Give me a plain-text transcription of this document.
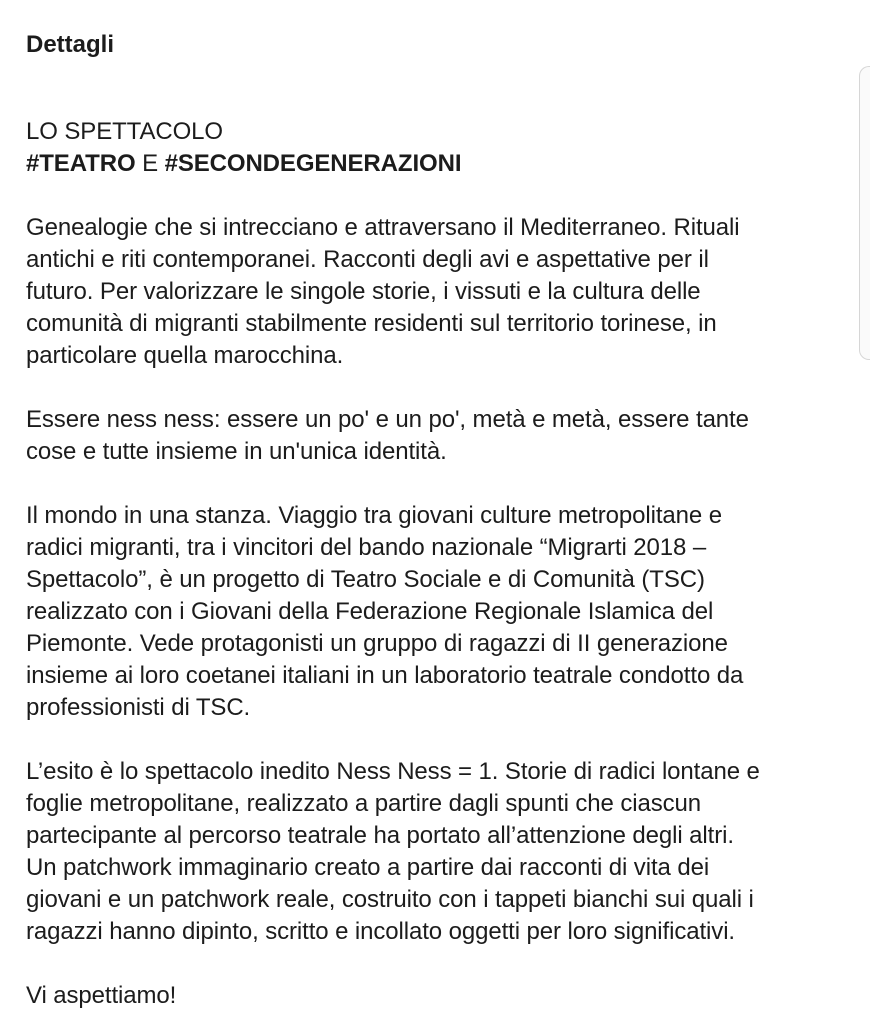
Dettagli
LO SPETTACOLO
#TEATRO E #SECONDEGENERAZIONI
Genealogie che si intrecciano e attraversano il Mediterraneo. Rituali
antichi e riti contemporanei. Racconti degli avi e aspettative per il
futuro. Per valorizzare le singole storie, i vissuti e la cultura delle
comunità di migranti stabilmente residenti sul territorio torinese, in
particolare quella marocchina.
Essere ness ness: essere un po' e un po', metà e metà, essere tante
cose e tutte insieme in un'unica identità.
Il mondo in una stanza. Viaggio tra giovani culture metropolitane e
radici migranti, tra i vincitori del bando nazionale “Migrarti 2018 –
Spettacolo”, è un progetto di Teatro Sociale e di Comunità (TSC)
realizzato con i Giovani della Federazione Regionale Islamica del
Piemonte. Vede protagonisti un gruppo di ragazzi di II generazione
insieme ai loro coetanei italiani in un laboratorio teatrale condotto da
professionisti di TSC.
L’esito è lo spettacolo inedito Ness Ness = 1. Storie di radici lontane e
foglie metropolitane, realizzato a partire dagli spunti che ciascun
partecipante al percorso teatrale ha portato all’attenzione degli altri.
Un patchwork immaginario creato a partire dai racconti di vita dei
giovani e un patchwork reale, costruito con i tappeti bianchi sui quali i
ragazzi hanno dipinto, scritto e incollato oggetti per loro significativi.
Vi aspettiamo!
